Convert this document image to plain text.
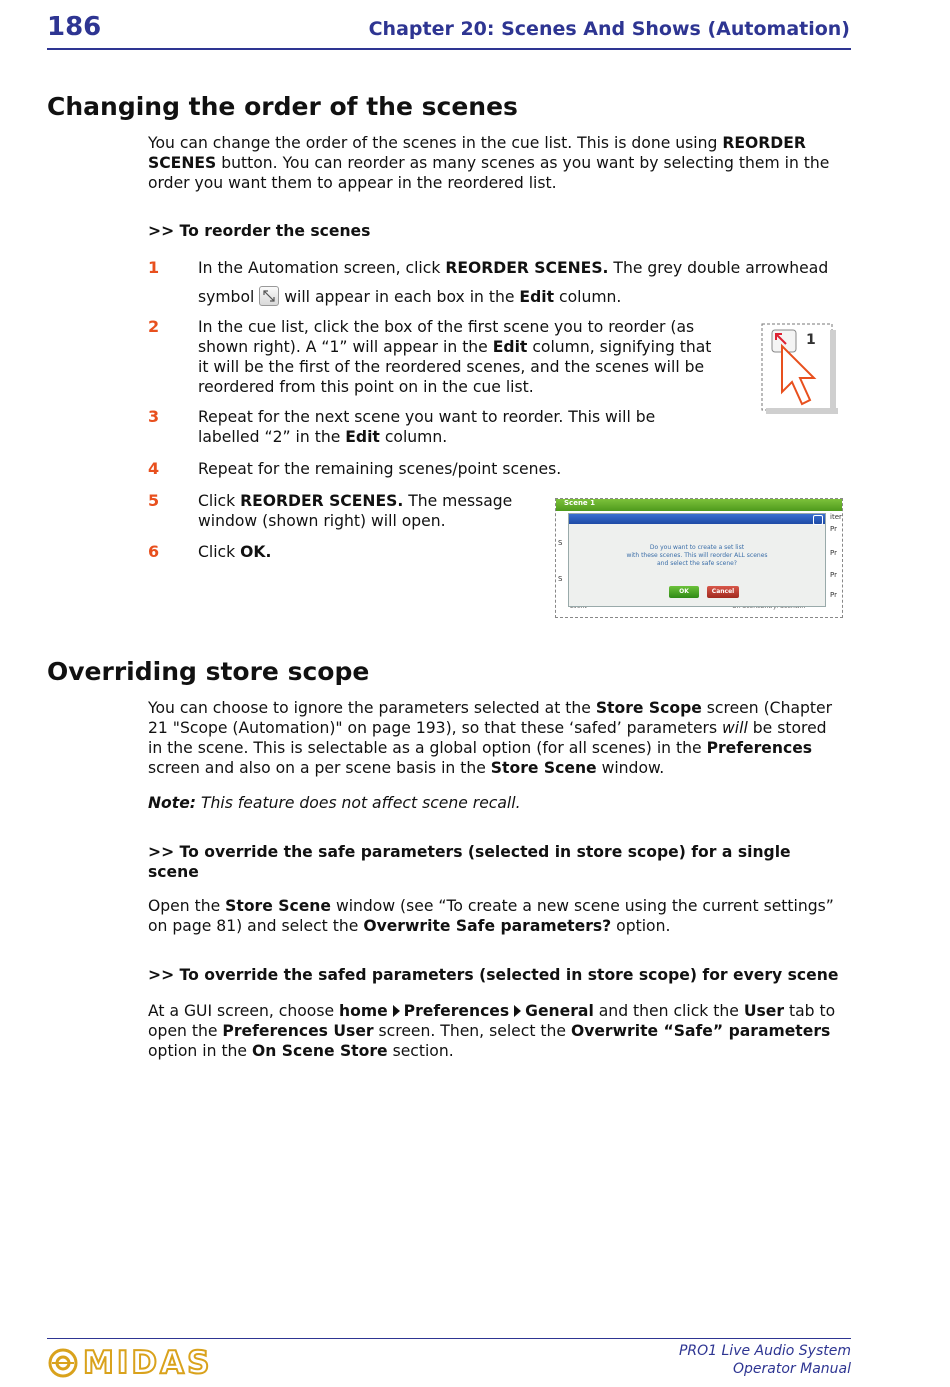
186	Chapter 20: Scenes And Shows (Automation)
Changing the order of the scenes
You can change the order of the scenes in the cue list. This is done using REORDER
SCENES button. You can reorder as many scenes as you want by selecting them in the
order you want them to appear in the reordered list.
>> To reorder the scenes
1 In the Automation screen, click REORDER SCENES. The grey double arrowhead
symbol
will appear in each box in the Edit column.
2 In the cue list, click the box of the first scene you to reorder (as
shown right). A “1” will appear in the Edit column, signifying that
it will be the first of the reordered scenes, and the scenes will be
reordered from this point on in the cue list.
3 Repeat for the next scene you want to reorder. This will be
labelled “2” in the Edit column.
4 Repeat for the remaining scenes/point scenes.
5 Click REORDER SCENES. The message
window (shown right) will open.
6 Click OK.
1
Scene 1
S
S
iter
Pr
Pr
Pr
Pr
Do you want to create a set list
with these scenes. This will reorder ALL scenes
and select the safe scene?
OK	Cancel
Overriding store scope
You can choose to ignore the parameters selected at the Store Scope screen (Chapter
21 "Scope (Automation)" on page 193), so that these ‘safed’ parameters will be stored
in the scene. This is selectable as a global option (for all scenes) in the Preferences
screen and also on a per scene basis in the Store Scene window.
Note: This feature does not affect scene recall.
>> To override the safe parameters (selected in store scope) for a single
scene
Open the Store Scene window (see “To create a new scene using the current settings”
on page 81) and select the Overwrite Safe parameters? option.
>> To override the safed parameters (selected in store scope) for every scene
At a GUI screen, choose home Preferences General and then click the User tab to
open the Preferences User screen. Then, select the Overwrite “Safe” parameters
option in the On Scene Store section.
MIDAS	PRO1 Live Audio System
Operator Manual
